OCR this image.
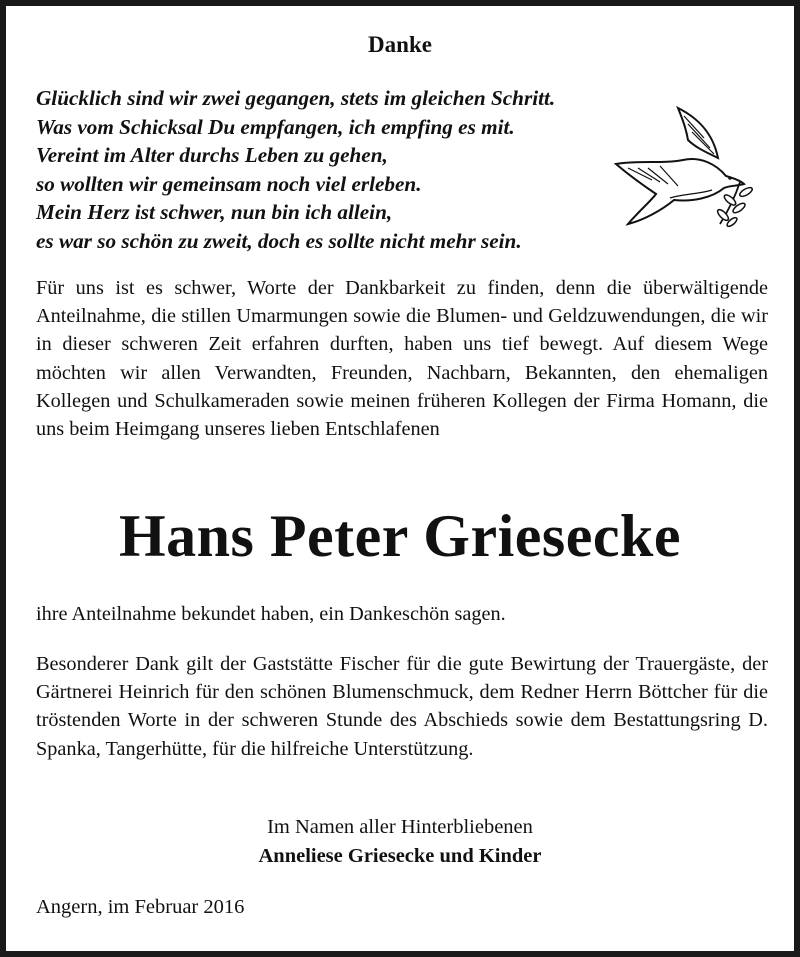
Danke
Glücklich sind wir zwei gegangen, stets im gleichen Schritt.
Was vom Schicksal Du empfangen, ich empfing es mit.
Vereint im Alter durchs Leben zu gehen,
so wollten wir gemeinsam noch viel erleben.
Mein Herz ist schwer, nun bin ich allein,
es war so schön zu zweit, doch es sollte nicht mehr sein.
Für uns ist es schwer, Worte der Dankbarkeit zu finden, denn die überwältigende Anteilnahme, die stillen Umarmungen sowie die Blumen- und Geldzuwendungen, die wir in dieser schweren Zeit erfahren durften, haben uns tief bewegt. Auf diesem Wege möchten wir allen Verwandten, Freunden, Nachbarn, Bekannten, den ehemaligen Kollegen und Schulkameraden sowie meinen früheren Kollegen der Firma Homann, die uns beim Heimgang unseres lieben Entschlafenen
Hans Peter Griesecke
ihre Anteilnahme bekundet haben, ein Dankeschön sagen.
Besonderer Dank gilt der Gaststätte Fischer für die gute Bewirtung der Trauergäste, der Gärtnerei Heinrich für den schönen Blumenschmuck, dem Redner Herrn Böttcher für die tröstenden Worte in der schweren Stunde des Abschieds sowie dem Bestattungsring D. Spanka, Tangerhütte, für die hilfreiche Unterstützung.
Im Namen aller Hinterbliebenen
Anneliese Griesecke und Kinder
Angern, im Februar 2016
